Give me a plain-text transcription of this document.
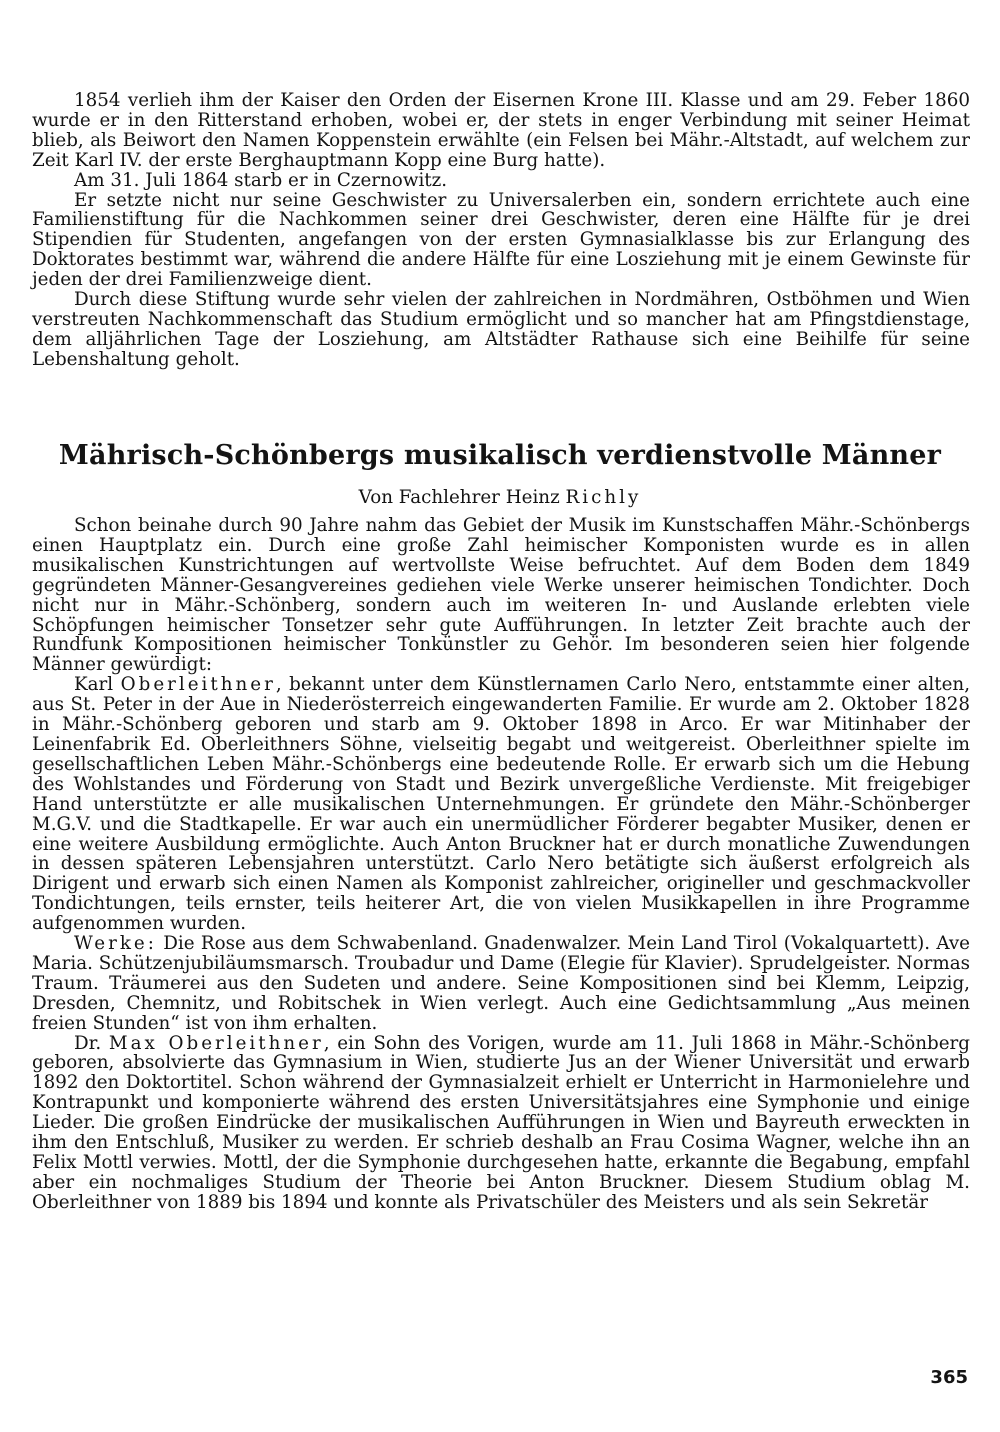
1854 verlieh ihm der Kaiser den Orden der Eisernen Krone III. Klasse und am 29. Feber 1860 wurde er in den Ritterstand erhoben, wobei er, der stets in enger Verbindung mit seiner Heimat blieb, als Beiwort den Namen Koppenstein erwählte (ein Felsen bei Mähr.-Altstadt, auf welchem zur Zeit Karl IV. der erste Berghauptmann Kopp eine Burg hatte).

Am 31. Juli 1864 starb er in Czernowitz.

Er setzte nicht nur seine Geschwister zu Universalerben ein, sondern errichtete auch eine Familienstiftung für die Nachkommen seiner drei Geschwister, deren eine Hälfte für je drei Stipendien für Studenten, angefangen von der ersten Gymnasialklasse bis zur Erlangung des Doktorates bestimmt war, während die andere Hälfte für eine Losziehung mit je einem Gewinste für jeden der drei Familienzweige dient.

Durch diese Stiftung wurde sehr vielen der zahlreichen in Nordmähren, Ostböhmen und Wien verstreuten Nachkommenschaft das Studium ermöglicht und so mancher hat am Pfingstdienstage, dem alljährlichen Tage der Losziehung, am Altstädter Rathause sich eine Beihilfe für seine Lebenshaltung geholt.

Mährisch-Schönbergs musikalisch verdienstvolle Männer
Von Fachlehrer Heinz Richly

Schon beinahe durch 90 Jahre nahm das Gebiet der Musik im Kunstschaffen Mähr.-Schönbergs einen Hauptplatz ein. Durch eine große Zahl heimischer Komponisten wurde es in allen musikalischen Kunstrichtungen auf wertvollste Weise befruchtet. Auf dem Boden dem 1849 gegründeten Männer-Gesangvereines gediehen viele Werke unserer heimischen Tondichter. Doch nicht nur in Mähr.-Schönberg, sondern auch im weiteren In- und Auslande erlebten viele Schöpfungen heimischer Tonsetzer sehr gute Aufführungen. In letzter Zeit brachte auch der Rundfunk Kompositionen heimischer Tonkünstler zu Gehör. Im besonderen seien hier folgende Männer gewürdigt:

Karl Oberleithner, bekannt unter dem Künstlernamen Carlo Nero, entstammte einer alten, aus St. Peter in der Aue in Niederösterreich eingewanderten Familie. Er wurde am 2. Oktober 1828 in Mähr.-Schönberg geboren und starb am 9. Oktober 1898 in Arco. Er war Mitinhaber der Leinenfabrik Ed. Oberleithners Söhne, vielseitig begabt und weitgereist. Oberleithner spielte im gesellschaftlichen Leben Mähr.-Schönbergs eine bedeutende Rolle. Er erwarb sich um die Hebung des Wohlstandes und Förderung von Stadt und Bezirk unvergeßliche Verdienste. Mit freigebiger Hand unterstützte er alle musikalischen Unternehmungen. Er gründete den Mähr.-Schönberger M.G.V. und die Stadtkapelle. Er war auch ein unermüdlicher Förderer begabter Musiker, denen er eine weitere Ausbildung ermöglichte. Auch Anton Bruckner hat er durch monatliche Zuwendungen in dessen späteren Lebensjahren unterstützt. Carlo Nero betätigte sich äußerst erfolgreich als Dirigent und erwarb sich einen Namen als Komponist zahlreicher, origineller und geschmackvoller Tondichtungen, teils ernster, teils heiterer Art, die von vielen Musikkapellen in ihre Programme aufgenommen wurden.

Werke: Die Rose aus dem Schwabenland. Gnadenwalzer. Mein Land Tirol (Vokalquartett). Ave Maria. Schützenjubiläumsmarsch. Troubadur und Dame (Elegie für Klavier). Sprudelgeister. Normas Traum. Träumerei aus den Sudeten und andere. Seine Kompositionen sind bei Klemm, Leipzig, Dresden, Chemnitz, und Robitschek in Wien verlegt. Auch eine Gedichtsammlung „Aus meinen freien Stunden“ ist von ihm erhalten.

Dr. Max Oberleithner, ein Sohn des Vorigen, wurde am 11. Juli 1868 in Mähr.-Schönberg geboren, absolvierte das Gymnasium in Wien, studierte Jus an der Wiener Universität und erwarb 1892 den Doktortitel. Schon während der Gymnasialzeit erhielt er Unterricht in Harmonielehre und Kontrapunkt und komponierte während des ersten Universitätsjahres eine Symphonie und einige Lieder. Die großen Eindrücke der musikalischen Aufführungen in Wien und Bayreuth erweckten in ihm den Entschluß, Musiker zu werden. Er schrieb deshalb an Frau Cosima Wagner, welche ihn an Felix Mottl verwies. Mottl, der die Symphonie durchgesehen hatte, erkannte die Begabung, empfahl aber ein nochmaliges Studium der Theorie bei Anton Bruckner. Diesem Studium oblag M. Oberleithner von 1889 bis 1894 und konnte als Privatschüler des Meisters und als sein Sekretär

365
